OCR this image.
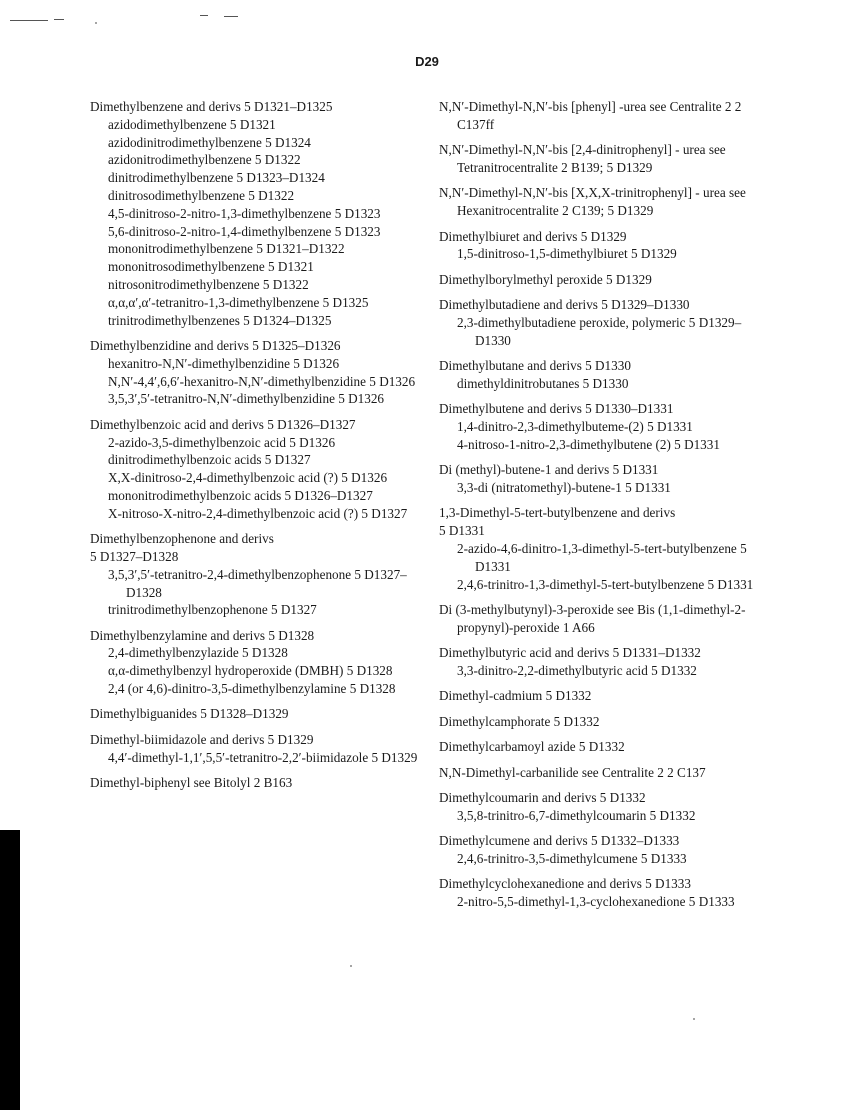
D29
Dimethylbenzene and derivs 5 D1321–D1325
azidodimethylbenzene 5 D1321
azidodinitrodimethylbenzene 5 D1324
azidonitrodimethylbenzene 5 D1322
dinitrodimethylbenzene 5 D1323–D1324
dinitrosodimethylbenzene 5 D1322
4,5-dinitroso-2-nitro-1,3-dimethylbenzene 5 D1323
5,6-dinitroso-2-nitro-1,4-dimethylbenzene 5 D1323
mononitrodimethylbenzene 5 D1321–D1322
mononitrosodimethylbenzene 5 D1321
nitrosonitrodimethylbenzene 5 D1322
α,α,α′,α′-tetranitro-1,3-dimethylbenzene 5 D1325
trinitrodimethylbenzenes 5 D1324–D1325
Dimethylbenzidine and derivs 5 D1325–D1326
hexanitro-N,N′-dimethylbenzidine 5 D1326
N,N′-4,4′,6,6′-hexanitro-N,N′-dimethylbenzidine 5 D1326
3,5,3′,5′-tetranitro-N,N′-dimethylbenzidine 5 D1326
Dimethylbenzoic acid and derivs 5 D1326–D1327
2-azido-3,5-dimethylbenzoic acid 5 D1326
dinitrodimethylbenzoic acids 5 D1327
X,X-dinitroso-2,4-dimethylbenzoic acid (?) 5 D1326
mononitrodimethylbenzoic acids 5 D1326–D1327
X-nitroso-X-nitro-2,4-dimethylbenzoic acid (?) 5 D1327
Dimethylbenzophenone and derivs
5 D1327–D1328
3,5,3′,5′-tetranitro-2,4-dimethylbenzophenone 5 D1327–D1328
trinitrodimethylbenzophenone 5 D1327
Dimethylbenzylamine and derivs 5 D1328
2,4-dimethylbenzylazide 5 D1328
α,α-dimethylbenzyl hydroperoxide (DMBH) 5 D1328
2,4 (or 4,6)-dinitro-3,5-dimethylbenzylamine 5 D1328
Dimethylbiguanides 5 D1328–D1329
Dimethyl-biimidazole and derivs 5 D1329
4,4′-dimethyl-1,1′,5,5′-tetranitro-2,2′-biimidazole 5 D1329
Dimethyl-biphenyl see Bitolyl 2 B163
N,N′-Dimethyl-N,N′-bis [phenyl] -urea see Centralite 2 2 C137ff
N,N′-Dimethyl-N,N′-bis [2,4-dinitrophenyl] - urea see Tetranitrocentralite 2 B139; 5 D1329
N,N′-Dimethyl-N,N′-bis [X,X,X-trinitrophenyl] - urea see Hexanitrocentralite 2 C139; 5 D1329
Dimethylbiuret and derivs 5 D1329
1,5-dinitroso-1,5-dimethylbiuret 5 D1329
Dimethylborylmethyl peroxide 5 D1329
Dimethylbutadiene and derivs 5 D1329–D1330
2,3-dimethylbutadiene peroxide, polymeric 5 D1329–D1330
Dimethylbutane and derivs 5 D1330
dimethyldinitrobutanes 5 D1330
Dimethylbutene and derivs 5 D1330–D1331
1,4-dinitro-2,3-dimethylbuteme-(2) 5 D1331
4-nitroso-1-nitro-2,3-dimethylbutene (2) 5 D1331
Di (methyl)-butene-1 and derivs 5 D1331
3,3-di (nitratomethyl)-butene-1 5 D1331
1,3-Dimethyl-5-tert-butylbenzene and derivs
5 D1331
2-azido-4,6-dinitro-1,3-dimethyl-5-tert-butylbenzene 5 D1331
2,4,6-trinitro-1,3-dimethyl-5-tert-butylbenzene 5 D1331
Di (3-methylbutynyl)-3-peroxide see Bis (1,1-dimethyl-2-propynyl)-peroxide 1 A66
Dimethylbutyric acid and derivs 5 D1331–D1332
3,3-dinitro-2,2-dimethylbutyric acid 5 D1332
Dimethyl-cadmium 5 D1332
Dimethylcamphorate 5 D1332
Dimethylcarbamoyl azide 5 D1332
N,N-Dimethyl-carbanilide see Centralite 2 2 C137
Dimethylcoumarin and derivs 5 D1332
3,5,8-trinitro-6,7-dimethylcoumarin 5 D1332
Dimethylcumene and derivs 5 D1332–D1333
2,4,6-trinitro-3,5-dimethylcumene 5 D1333
Dimethylcyclohexanedione and derivs 5 D1333
2-nitro-5,5-dimethyl-1,3-cyclohexanedione 5 D1333
